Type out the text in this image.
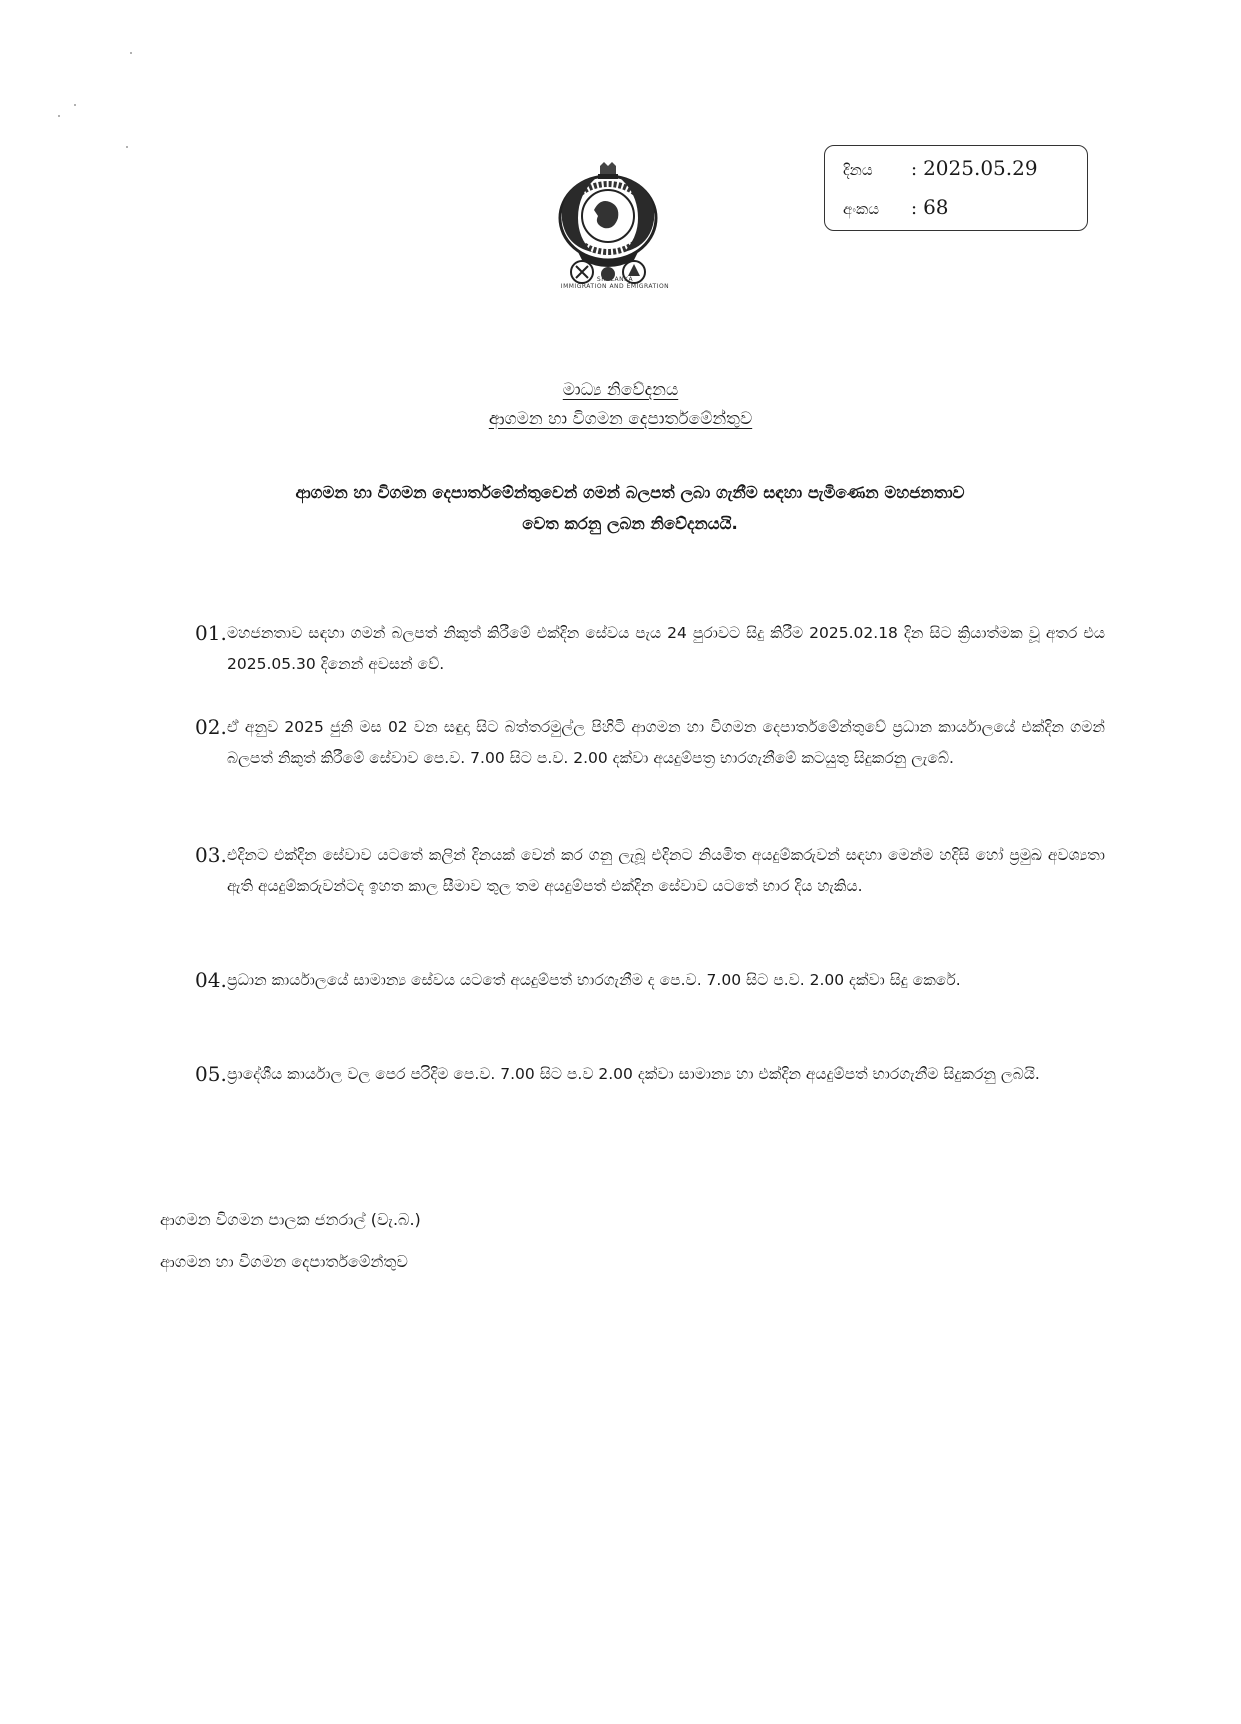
SRI LANKA
IMMIGRATION AND EMIGRATION
දිනය : 2025.05.29
අංකය : 68
මාධ්‍ය නිවේදනය
ආගමන හා විගමන දෙපාර්තමේන්තුව
ආගමන හා විගමන දෙපාර්තමේන්තුවෙන් ගමන් බලපත් ලබා ගැනීම සඳහා පැමිණෙන මහජනතාව
වෙත කරනු ලබන නිවේදනයයි.
01. මහජනතාව සඳහා ගමන් බලපත් නිකුත් කිරීමේ එක්දින සේවය පැය 24 පුරාවට සිදු කිරීම 2025.02.18 දින සිට ක්‍රියාත්මක වූ අතර එය 2025.05.30 දිනෙන් අවසන් වේ.
02. ඒ අනුව 2025 ජුනි මස 02 වන සඳුදා සිට බත්තරමුල්ල පිහිටි ආගමන හා විගමන දෙපාර්තමේන්තුවේ ප්‍රධාන කාර්යාලයේ එක්දින ගමන් බලපත් නිකුත් කිරීමේ සේවාව පෙ.ව. 7.00 සිට ප.ව. 2.00 දක්වා අයදුම්පත්‍ර භාරගැනීමේ කටයුතු සිදුකරනු ලැබේ.
03. එදිනට එක්දින සේවාව යටතේ කලින් දිනයක් වෙන් කර ගනු ලැබූ එදිනට නියමිත අයදුම්කරුවන් සඳහා මෙන්ම හදිසි හෝ ප්‍රමුඛ අවශ්‍යතා ඇති අයදුම්කරුවන්ටද ඉහත කාල සීමාව තුල තම අයදුම්පත් එක්දින සේවාව යටතේ භාර දිය හැකිය.
04. ප්‍රධාන කාර්යාලයේ සාමාන්‍ය සේවය යටතේ අයදුම්පත් භාරගැනීම ද පෙ.ව. 7.00 සිට ප.ව. 2.00 දක්වා සිදු කෙරේ.
05. ප්‍රාදේශීය කාර්යාල වල පෙර පරිදිම පෙ.ව. 7.00 සිට ප.ව 2.00 දක්වා සාමාන්‍ය හා එක්දින අයදුම්පත් භාරගැනීම සිදුකරනු ලබයි.
ආගමන විගමන පාලක ජනරාල් (වැ.බ.)
ආගමන හා විගමන දෙපාර්තමේන්තුව
